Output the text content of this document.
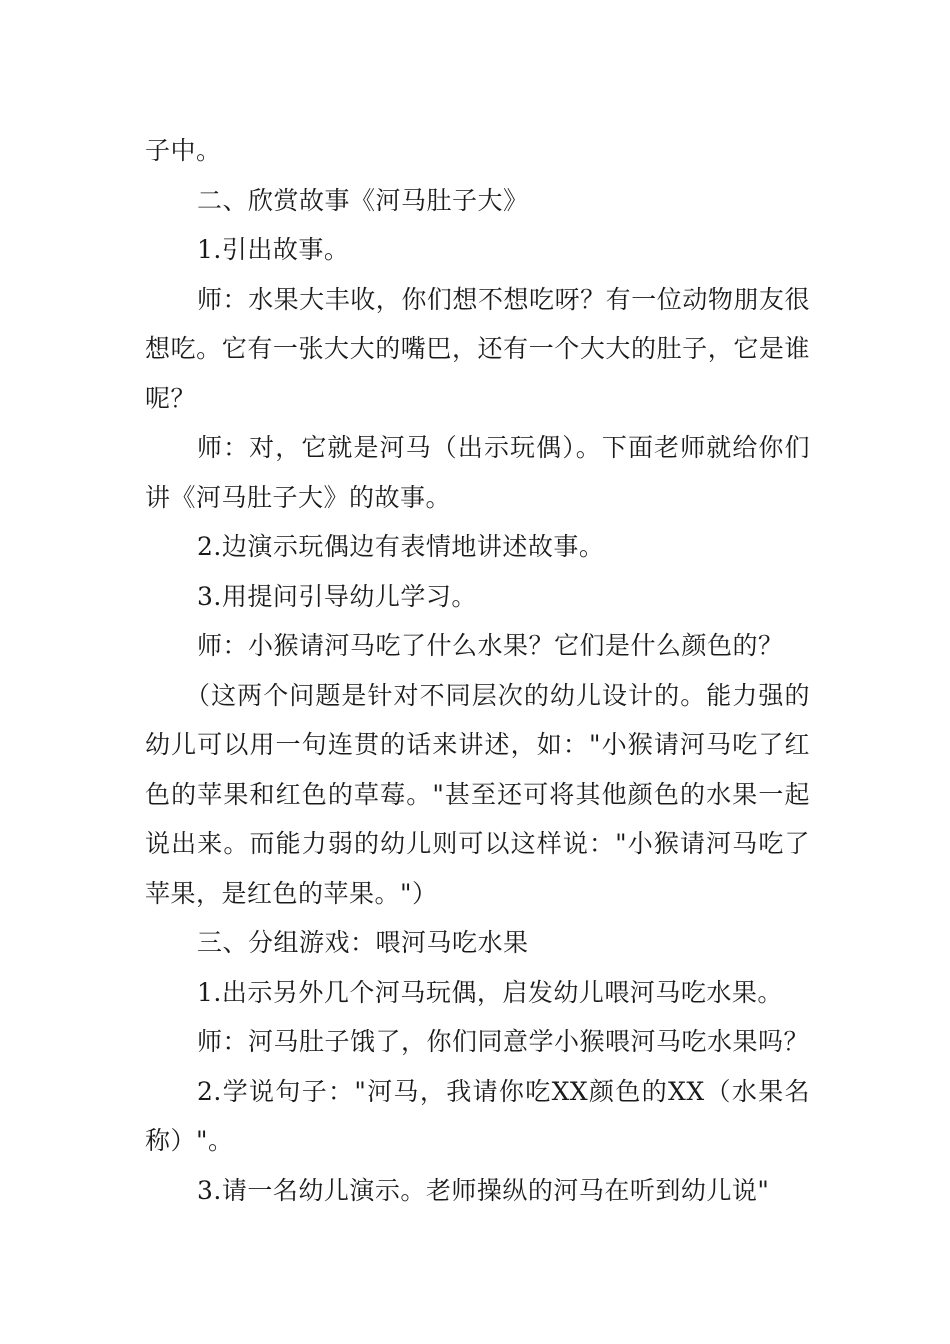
子中。

二、欣赏故事《河马肚子大》

1.引出故事。

师：水果大丰收，你们想不想吃呀？有一位动物朋友很想吃。它有一张大大的嘴巴，还有一个大大的肚子，它是谁呢？

师：对，它就是河马（出示玩偶）。下面老师就给你们讲《河马肚子大》的故事。

2.边演示玩偶边有表情地讲述故事。

3.用提问引导幼儿学习。

师：小猴请河马吃了什么水果？它们是什么颜色的？

（这两个问题是针对不同层次的幼儿设计的。能力强的幼儿可以用一句连贯的话来讲述，如："小猴请河马吃了红色的苹果和红色的草莓。"甚至还可将其他颜色的水果一起说出来。而能力弱的幼儿则可以这样说："小猴请河马吃了苹果，是红色的苹果。"）

三、分组游戏：喂河马吃水果

1.出示另外几个河马玩偶，启发幼儿喂河马吃水果。

师：河马肚子饿了，你们同意学小猴喂河马吃水果吗？

2.学说句子："河马，我请你吃XX颜色的XX（水果名称）"。

3.请一名幼儿演示。老师操纵的河马在听到幼儿说"
